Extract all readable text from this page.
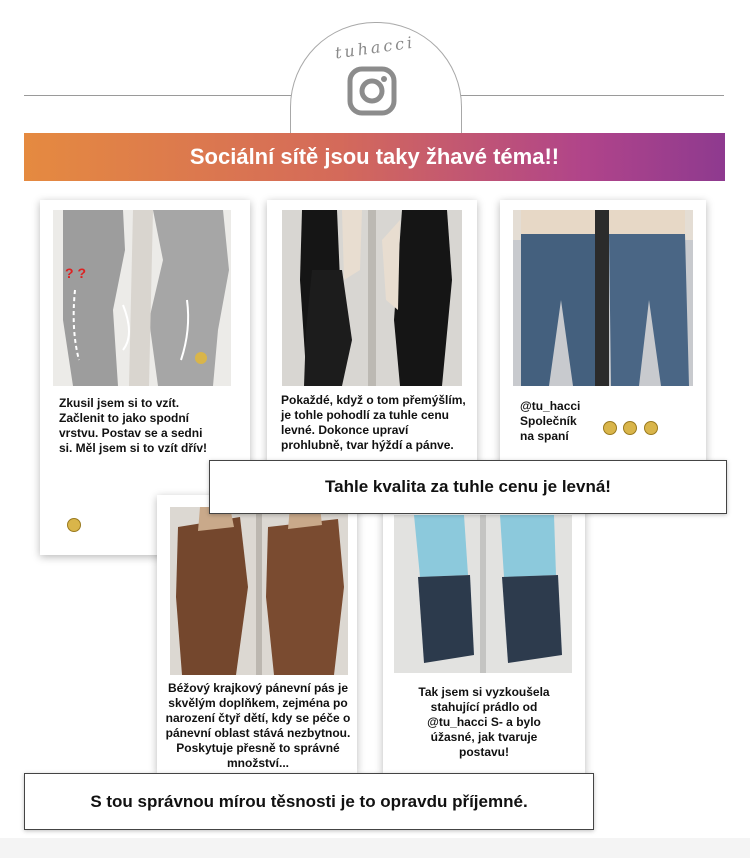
tuhacci
Sociální sítě jsou taky žhavé téma!!
? ?
Zkusil jsem si to vzít. Začlenit to jako spodní vrstvu. Postav se a sedni si. Měl jsem si to vzít dřív!
Pokaždé, když o tom přemýšlím, je tohle pohodlí za tuhle cenu levné. Dokonce upraví prohlubně, tvar hýždí a pánve.
@tu_hacci
Společník na spaní

Béžový krajkový pánevní pás je skvělým doplňkem, zejména po narození čtyř dětí, kdy se péče o pánevní oblast stává nezbytnou. Poskytuje přesně to správné množství...
Tak jsem si vyzkoušela stahující prádlo od @tu_hacci S- a bylo úžasné, jak tvaruje postavu!
Tahle kvalita za tuhle cenu je levná!
S tou správnou mírou těsnosti je to opravdu příjemné.
